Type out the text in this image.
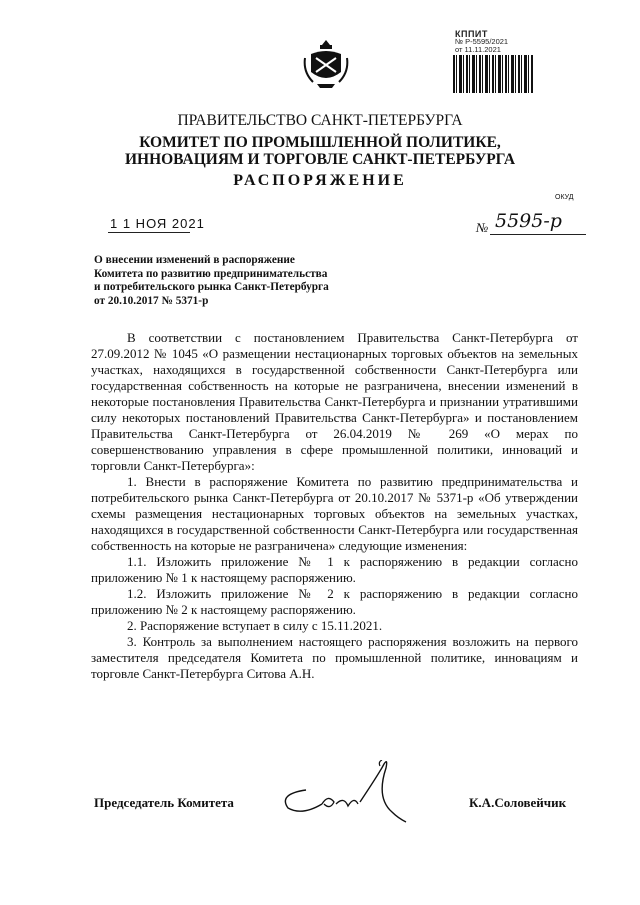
КППИТ
№ Р-5595/2021
от 11.11.2021
ПРАВИТЕЛЬСТВО САНКТ-ПЕТЕРБУРГА
КОМИТЕТ ПО ПРОМЫШЛЕННОЙ ПОЛИТИКЕ,
ИННОВАЦИЯМ И ТОРГОВЛЕ САНКТ-ПЕТЕРБУРГА
РАСПОРЯЖЕНИЕ
ОКУД
1 1 НОЯ 2021	№ 5595-р
О внесении изменений в распоряжение
Комитета по развитию предпринимательства
и потребительского рынка Санкт-Петербурга
от 20.10.2017 № 5371-р

В соответствии с постановлением Правительства Санкт-Петербурга от 27.09.2012 № 1045 «О размещении нестационарных торговых объектов на земельных участках, находящихся в государственной собственности Санкт-Петербурга или государственная собственность на которые не разграничена, внесении изменений в некоторые постановления Правительства Санкт-Петербурга и признании утратившими силу некоторых постановлений Правительства Санкт-Петербурга» и постановлением Правительства Санкт-Петербурга от 26.04.2019 № 269 «О мерах по совершенствованию управления в сфере промышленной политики, инноваций и торговли Санкт-Петербурга»:

1. Внести в распоряжение Комитета по развитию предпринимательства и потребительского рынка Санкт-Петербурга от 20.10.2017 № 5371-р «Об утверждении схемы размещения нестационарных торговых объектов на земельных участках, находящихся в государственной собственности Санкт-Петербурга или государственная собственность на которые не разграничена» следующие изменения:

1.1. Изложить приложение № 1 к распоряжению в редакции согласно приложению № 1 к настоящему распоряжению.

1.2. Изложить приложение № 2 к распоряжению в редакции согласно приложению № 2 к настоящему распоряжению.

2. Распоряжение вступает в силу с 15.11.2021.

3. Контроль за выполнением настоящего распоряжения возложить на первого заместителя председателя Комитета по промышленной политике, инновациям и торговле Санкт-Петербурга Ситова А.Н.

Председатель Комитета	К.А.Соловейчик
